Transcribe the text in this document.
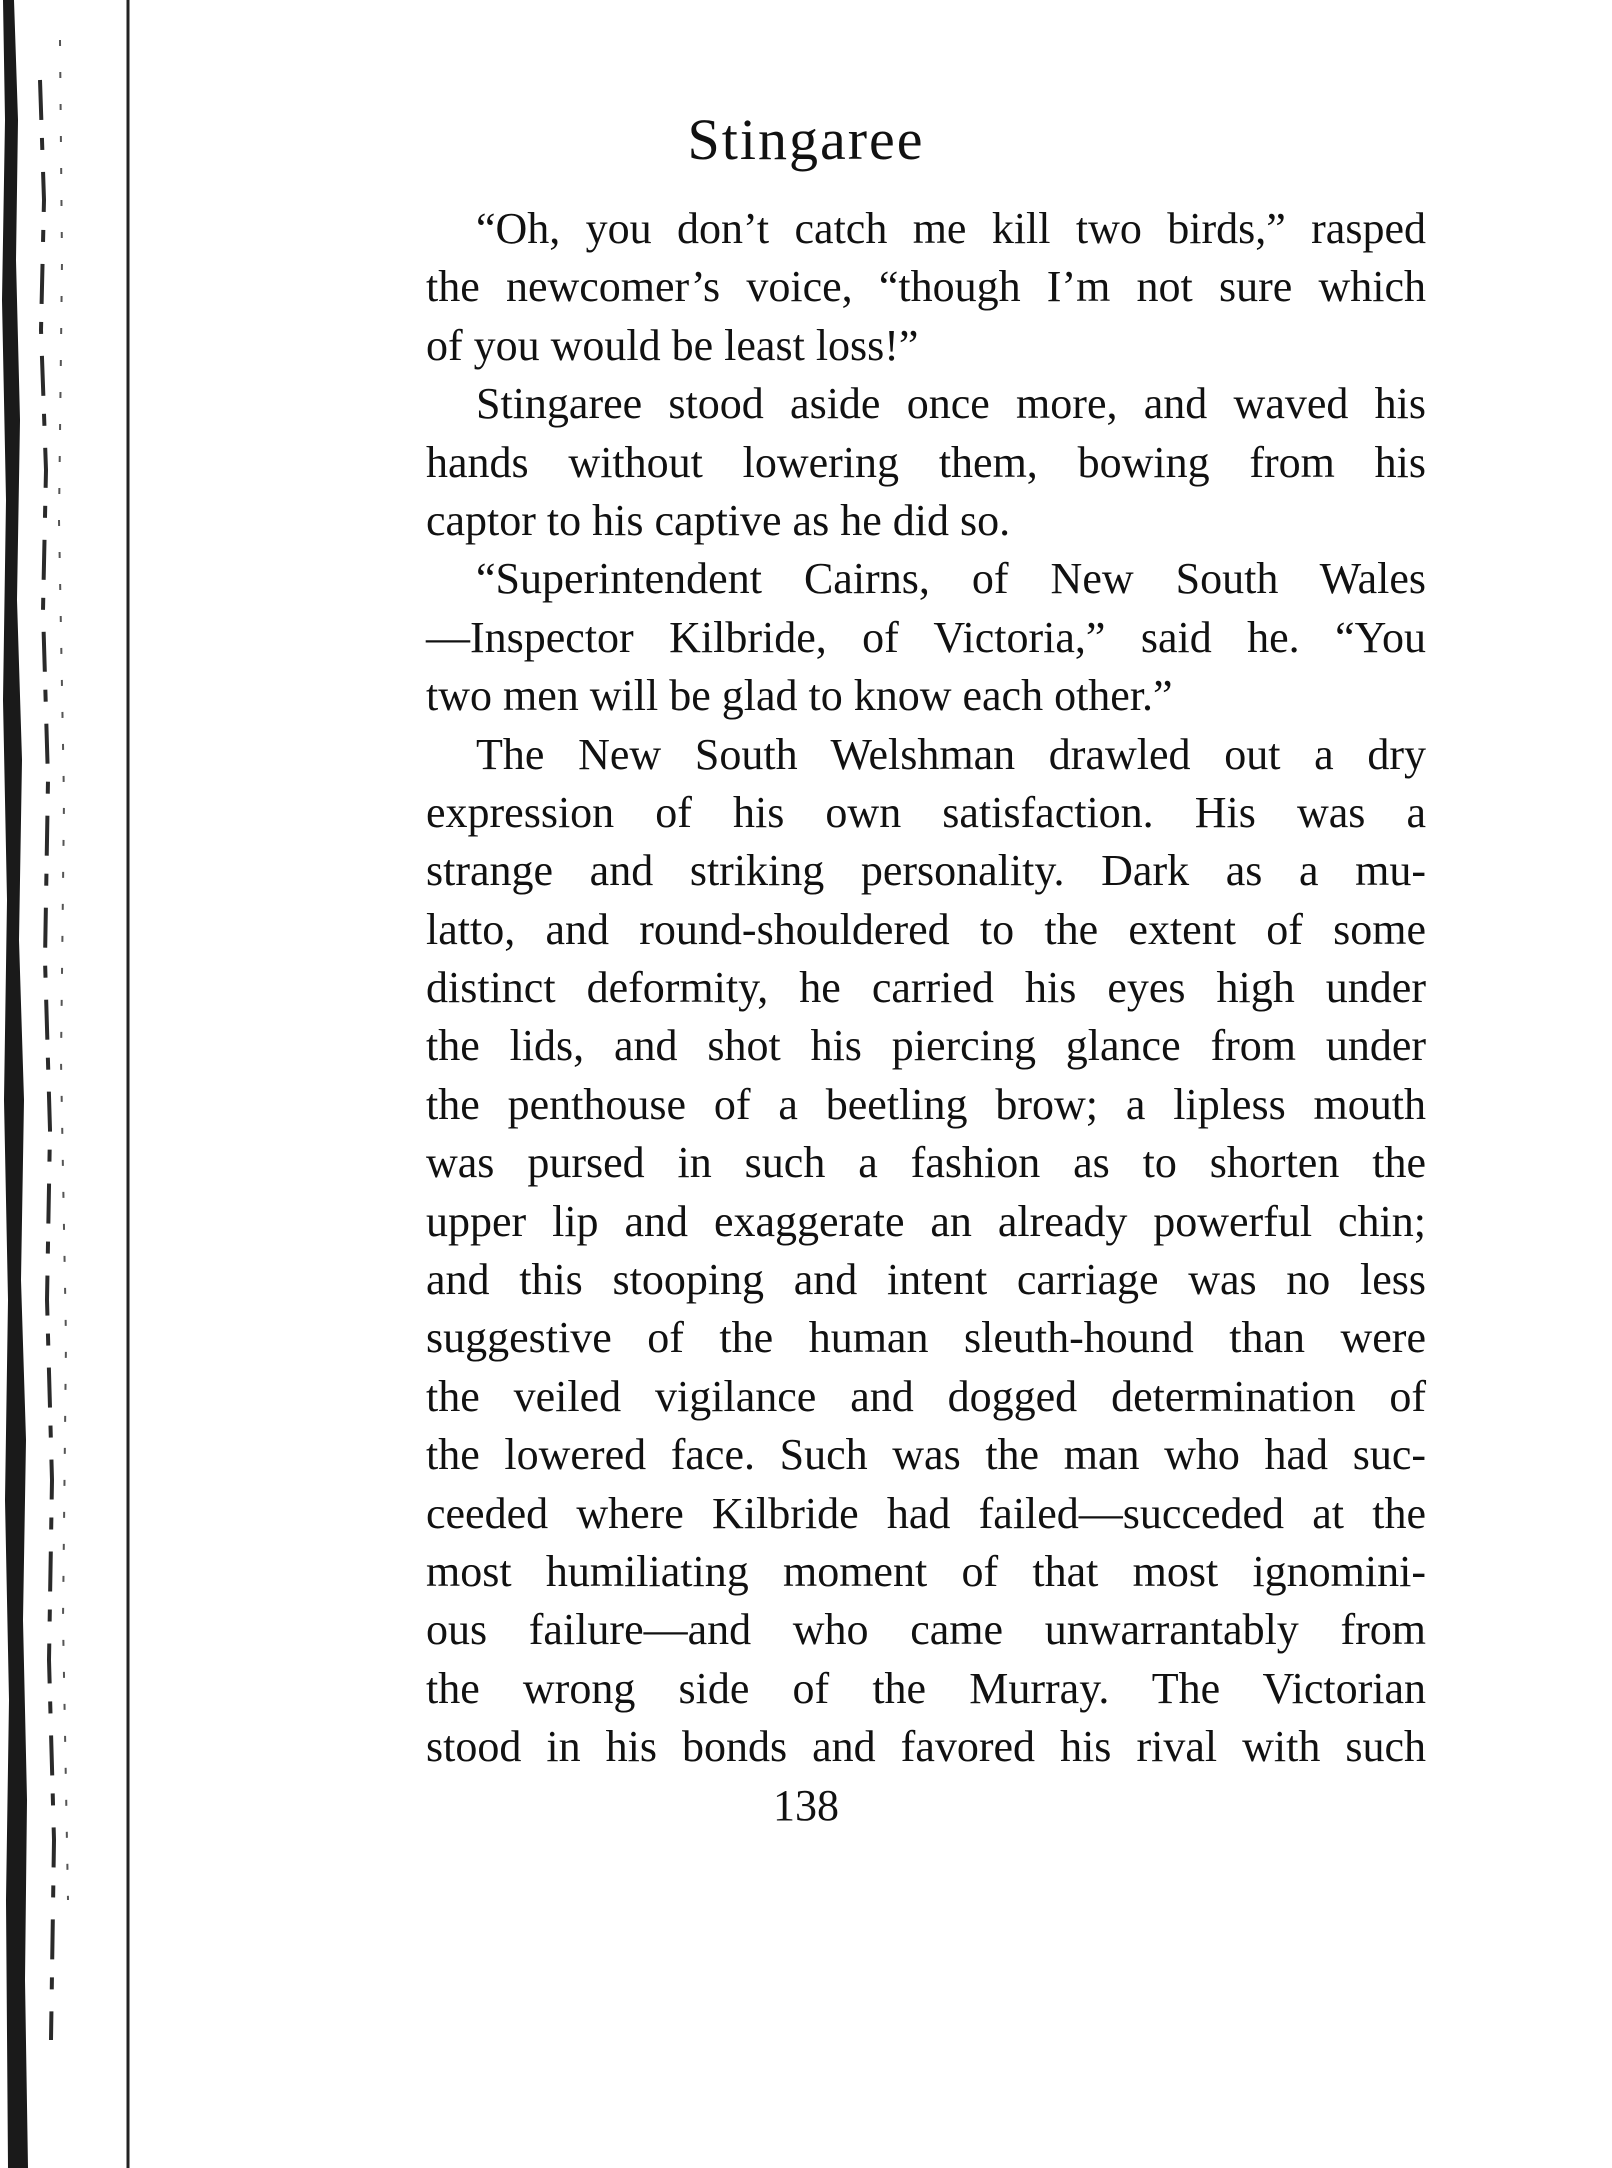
Stingaree
“Oh, you don’t catch me kill two birds,” rasped
the newcomer’s voice, “though I’m not sure which
of you would be least loss!”
Stingaree stood aside once more, and waved his
hands without lowering them, bowing from his
captor to his captive as he did so.
“Superintendent Cairns, of New South Wales
—Inspector Kilbride, of Victoria,” said he. “You
two men will be glad to know each other.”
The New South Welshman drawled out a dry
expression of his own satisfaction. His was a
strange and striking personality. Dark as a mu-
latto, and round-shouldered to the extent of some
distinct deformity, he carried his eyes high under
the lids, and shot his piercing glance from under
the penthouse of a beetling brow; a lipless mouth
was pursed in such a fashion as to shorten the
upper lip and exaggerate an already powerful chin;
and this stooping and intent carriage was no less
suggestive of the human sleuth-hound than were
the veiled vigilance and dogged determination of
the lowered face. Such was the man who had suc-
ceeded where Kilbride had failed—succeded at the
most humiliating moment of that most ignomini-
ous failure—and who came unwarrantably from
the wrong side of the Murray. The Victorian
stood in his bonds and favored his rival with such
138
